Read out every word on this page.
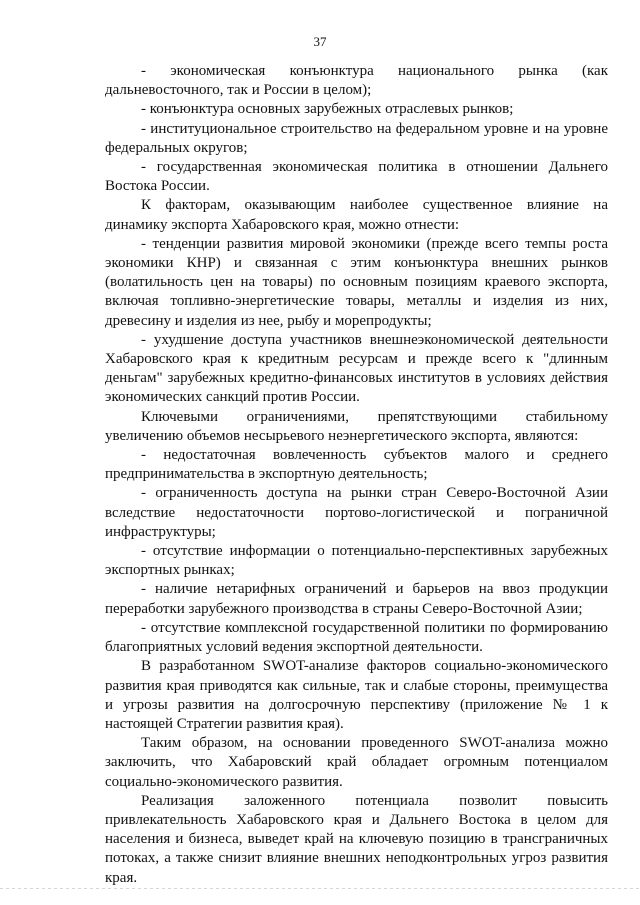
37

- экономическая конъюнктура национального рынка (как дальневосточного, так и России в целом);

- конъюнктура основных зарубежных отраслевых рынков;

- институциональное строительство на федеральном уровне и на уровне федеральных округов;

- государственная экономическая политика в отношении Дальнего Востока России.

К факторам, оказывающим наиболее существенное влияние на динамику экспорта Хабаровского края, можно отнести:

- тенденции развития мировой экономики (прежде всего темпы роста экономики КНР) и связанная с этим конъюнктура внешних рынков (волатильность цен на товары) по основным позициям краевого экспорта, включая топливно-энергетические товары, металлы и изделия из них, древесину и изделия из нее, рыбу и морепродукты;

- ухудшение доступа участников внешнеэкономической деятельности Хабаровского края к кредитным ресурсам и прежде всего к "длинным деньгам" зарубежных кредитно-финансовых институтов в условиях действия экономических санкций против России.

Ключевыми ограничениями, препятствующими стабильному увеличению объемов несырьевого неэнергетического экспорта, являются:

- недостаточная вовлеченность субъектов малого и среднего предпринимательства в экспортную деятельность;

- ограниченность доступа на рынки стран Северо-Восточной Азии вследствие недостаточности портово-логистической и пограничной инфраструктуры;

- отсутствие информации о потенциально-перспективных зарубежных экспортных рынках;

- наличие нетарифных ограничений и барьеров на ввоз продукции переработки зарубежного производства в страны Северо-Восточной Азии;

- отсутствие комплексной государственной политики по формированию благоприятных условий ведения экспортной деятельности.

В разработанном SWOT-анализе факторов социально-экономического развития края приводятся как сильные, так и слабые стороны, преимущества и угрозы развития на долгосрочную перспективу (приложение № 1 к настоящей Стратегии развития края).

Таким образом, на основании проведенного SWOT-анализа можно заключить, что Хабаровский край обладает огромным потенциалом социально-экономического развития.

Реализация заложенного потенциала позволит повысить привлекательность Хабаровского края и Дальнего Востока в целом для населения и бизнеса, выведет край на ключевую позицию в трансграничных потоках, а также снизит влияние внешних неподконтрольных угроз развития края.
